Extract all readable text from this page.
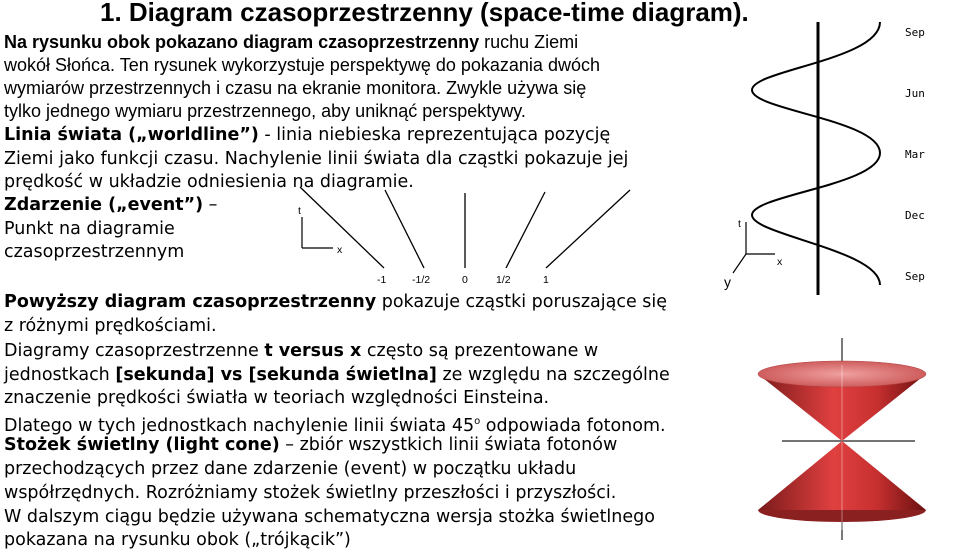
1. Diagram czasoprzestrzenny (space-time diagram).
Na rysunku obok pokazano diagram czasoprzestrzenny ruchu Ziemi
wokół Słońca. Ten rysunek wykorzystuje perspektywę do pokazania dwóch
wymiarów przestrzennych i czasu na ekranie monitora. Zwykle używa się
tylko jednego wymiaru przestrzennego, aby uniknąć perspektywy.
Linia świata („worldline”) - linia niebieska reprezentująca pozycję
Ziemi jako funkcji czasu. Nachylenie linii świata dla cząstki pokazuje jej
prędkość w układzie odniesienia na diagramie.
Zdarzenie („event”) –
Punkt na diagramie
czasoprzestrzennym
t
x
-1 -1/2	0	1/2	1
t
x
y
Sep
Jun
Mar
Dec
Sep
Powyższy diagram czasoprzestrzenny pokazuje cząstki poruszające się
z różnymi prędkościami.
Diagramy czasoprzestrzenne t versus x często są prezentowane w
jednostkach [sekunda] vs [sekunda świetlna] ze względu na szczególne
znaczenie prędkości światła w teoriach względności Einsteina.
Dlatego w tych jednostkach nachylenie linii świata 45$^o$ odpowiada fotonom.
Stożek świetlny (light cone) – zbiór wszystkich linii świata fotonów
przechodzących przez dane zdarzenie (event) w początku układu
współrzędnych. Rozróżniamy stożek świetlny przeszłości i przyszłości.
W dalszym ciągu będzie używana schematyczna wersja stożka świetlnego
pokazana na rysunku obok („trójkącik”)
